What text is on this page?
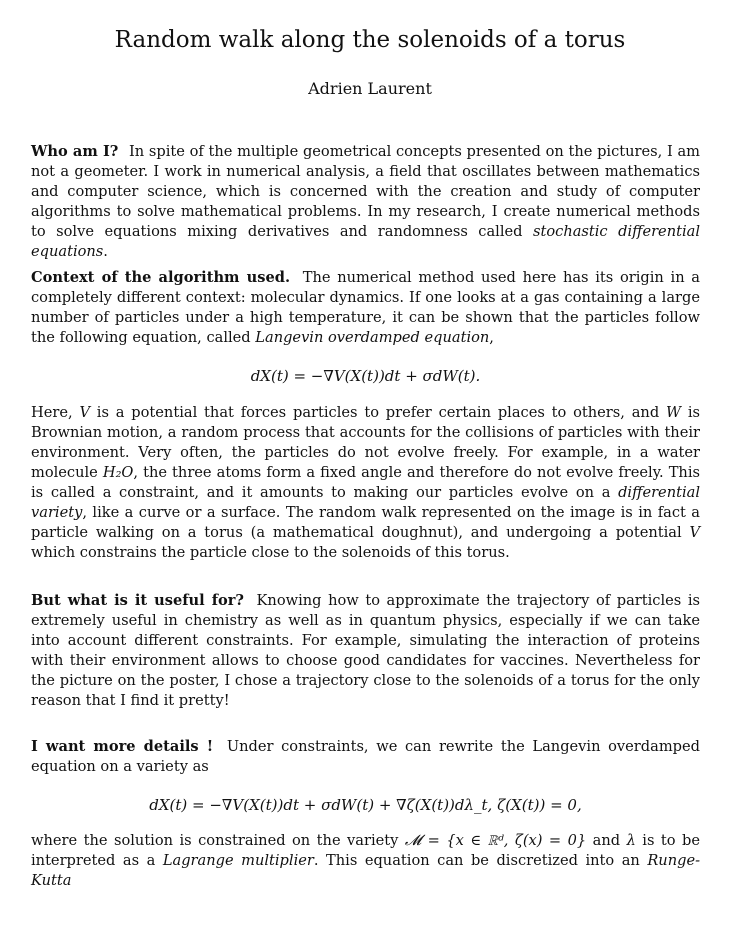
Random walk along the solenoids of a torus
Adrien Laurent
Who am I? In spite of the multiple geometrical concepts presented on the pictures, I am not a geometer. I work in numerical analysis, a field that oscillates between mathematics and computer science, which is concerned with the creation and study of computer algorithms to solve mathematical problems. In my research, I create numerical methods to solve equations mixing derivatives and randomness called stochastic differential equations.
Context of the algorithm used. The numerical method used here has its origin in a completely different context: molecular dynamics. If one looks at a gas containing a large number of particles under a high temperature, it can be shown that the particles follow the following equation, called Langevin overdamped equation,
dX(t) = −∇V(X(t))dt + σdW(t).
Here, V is a potential that forces particles to prefer certain places to others, and W is Brownian motion, a random process that accounts for the collisions of particles with their environment. Very often, the particles do not evolve freely. For example, in a water molecule H₂O, the three atoms form a fixed angle and therefore do not evolve freely. This is called a constraint, and it amounts to making our particles evolve on a differential variety, like a curve or a surface. The random walk represented on the image is in fact a particle walking on a torus (a mathematical doughnut), and undergoing a potential V which constrains the particle close to the solenoids of this torus.
But what is it useful for? Knowing how to approximate the trajectory of particles is extremely useful in chemistry as well as in quantum physics, especially if we can take into account different constraints. For example, simulating the interaction of proteins with their environment allows to choose good candidates for vaccines. Nevertheless for the picture on the poster, I chose a trajectory close to the solenoids of a torus for the only reason that I find it pretty!
I want more details ! Under constraints, we can rewrite the Langevin overdamped equation on a variety as
dX(t) = −∇V(X(t))dt + σdW(t) + ∇ζ(X(t))dλ_t, ζ(X(t)) = 0,
where the solution is constrained on the variety 𝓜 = {x ∈ ℝᵈ, ζ(x) = 0} and λ is to be interpreted as a Lagrange multiplier. This equation can be discretized into an Runge-Kutta
